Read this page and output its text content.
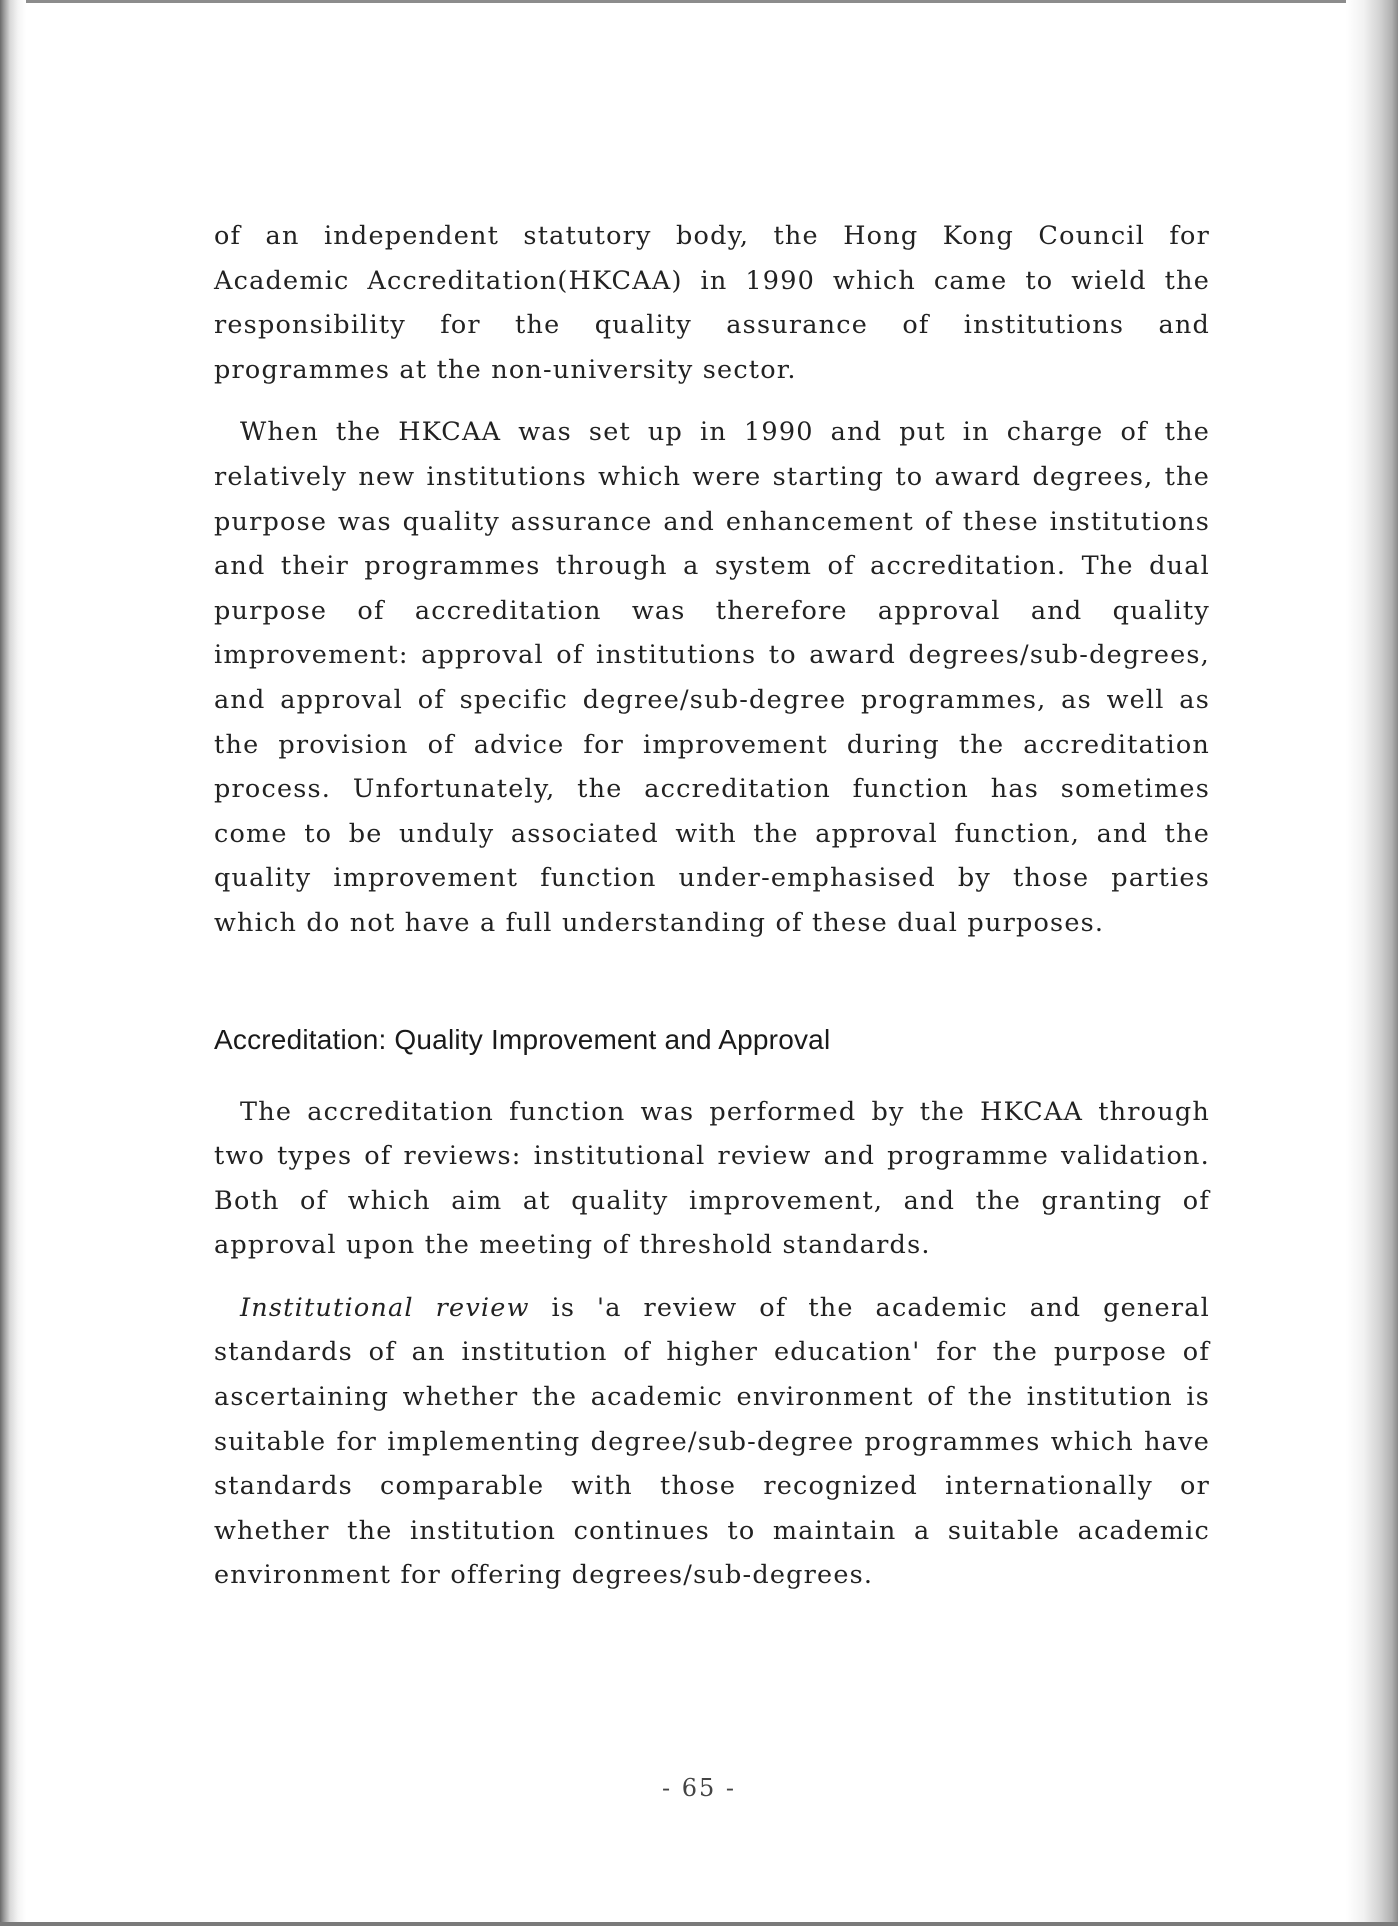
of an independent statutory body, the Hong Kong Council for Academic Accreditation(HKCAA) in 1990 which came to wield the responsibility for the quality assurance of institutions and programmes at the non-university sector.

When the HKCAA was set up in 1990 and put in charge of the relatively new institutions which were starting to award degrees, the purpose was quality assurance and enhancement of these institutions and their programmes through a system of accreditation. The dual purpose of accreditation was therefore approval and quality improvement: approval of institutions to award degrees/sub-degrees, and approval of specific degree/sub-degree programmes, as well as the provision of advice for improvement during the accreditation process. Unfortunately, the accreditation function has sometimes come to be unduly associated with the approval function, and the quality improvement function under-emphasised by those parties which do not have a full understanding of these dual purposes.

Accreditation: Quality Improvement and Approval

The accreditation function was performed by the HKCAA through two types of reviews: institutional review and programme validation. Both of which aim at quality improvement, and the granting of approval upon the meeting of threshold standards.

Institutional review is 'a review of the academic and general standards of an institution of higher education' for the purpose of ascertaining whether the academic environment of the institution is suitable for implementing degree/sub-degree programmes which have standards comparable with those recognized internationally or whether the institution continues to maintain a suitable academic environment for offering degrees/sub-degrees.

- 65 -
